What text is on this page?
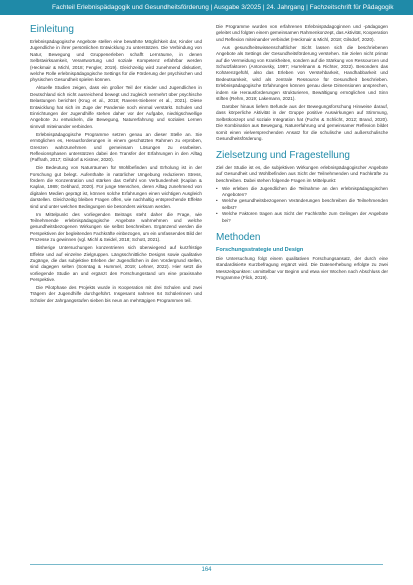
Fachteil Erlebnispädagogik und Gesundheitsförderung | Ausgabe 3/2025 | 24. Jahrgang | Fachzeitschrift für Pädagogik
Einleitung

Erlebnispädagogische Angebote stellen eine bewährte Möglichkeit dar, Kinder und Jugendliche in ihrer persönlichen Entwicklung zu unterstützen. Die Verbindung von Natur, Bewegung und Gruppenerleben schafft Lernräume, in denen Selbstwirksamkeit, Verantwortung und soziale Kompetenz erfahrbar werden (Heckmair & Michl, 2018; Fengler, 2019). Gleichzeitig wird zunehmend diskutiert, welche Rolle erlebnispädagogische Settings für die Förderung der psychischen und physischen Gesundheit spielen können.

Aktuelle Studien zeigen, dass ein großer Teil der Kinder und Jugendlichen in Deutschland sich nicht ausreichend bewegt und zugleich vermehrt über psychische Belastungen berichtet (Krug et al., 2018; Ravens-Sieberer et al., 2021). Diese Entwicklung hat sich im Zuge der Pandemie noch einmal verstärkt. Schulen und Einrichtungen der Jugendhilfe stehen daher vor der Aufgabe, niedrigschwellige Angebote zu entwickeln, die Bewegung, Naturerfahrung und soziales Lernen sinnvoll miteinander verbinden.

Erlebnispädagogische Programme setzen genau an dieser Stelle an. Sie ermöglichen es, Herausforderungen in einem geschützten Rahmen zu erproben, Grenzen wahrzunehmen und gemeinsam Lösungen zu erarbeiten. Reflexionsphasen unterstützen dabei den Transfer der Erfahrungen in den Alltag (Paffrath, 2017; Gilsdorf & Kistner, 2020).

Die Bedeutung von Naturräumen für Wohlbefinden und Erholung ist in der Forschung gut belegt. Aufenthalte in natürlicher Umgebung reduzieren Stress, fördern die Konzentration und stärken das Gefühl von Verbundenheit (Kaplan & Kaplan, 1989; Gebhard, 2020). Für junge Menschen, deren Alltag zunehmend von digitalen Medien geprägt ist, können solche Erfahrungen einen wichtigen Ausgleich darstellen. Gleichzeitig bleiben Fragen offen, wie nachhaltig entsprechende Effekte sind und unter welchen Bedingungen sie besonders wirksam werden.

Im Mittelpunkt des vorliegenden Beitrags steht daher die Frage, wie Teilnehmende erlebnispädagogische Angebote wahrnehmen und welche gesundheitsbezogenen Wirkungen sie selbst beschreiben. Ergänzend werden die Perspektiven der begleitenden Fachkräfte einbezogen, um ein umfassendes Bild der Prozesse zu gewinnen (vgl. Michl & Seidel, 2018; Schott, 2021).

Bisherige Untersuchungen konzentrieren sich überwiegend auf kurzfristige Effekte und auf einzelne Zielgruppen. Längsschnittliche Designs sowie qualitative Zugänge, die das subjektive Erleben der Jugendlichen in den Vordergrund stellen, sind dagegen selten (Sonntag & Hummel, 2019; Lehner, 2022). Hier setzt die vorliegende Studie an und ergänzt den Forschungsstand um eine praxisnahe Perspektive.

Die Pilotphase des Projekts wurde in Kooperation mit drei Schulen und zwei Trägern der Jugendhilfe durchgeführt. Insgesamt nahmen 64 Schülerinnen und Schüler der Jahrgangsstufen sieben bis neun an mehrtägigen Programmen teil.

Die Programme wurden von erfahrenen Erlebnispädagoginnen und -pädagogen geleitet und folgten einem gemeinsamen Rahmenkonzept, das Aktivität, Kooperation und Reflexion miteinander verbindet (Heckmair & Michl, 2018; Gilsdorf, 2020).

Aus gesundheitswissenschaftlicher Sicht lassen sich die beschriebenen Angebote als Settings der Gesundheitsförderung verstehen. Sie zielen nicht primär auf die Vermeidung von Krankheiten, sondern auf die Stärkung von Ressourcen und Schutzfaktoren (Antonovsky, 1997; Hurrelmann & Richter, 2022). Besonders das Kohärenzgefühl, also das Erleben von Verstehbarkeit, Handhabbarkeit und Bedeutsamkeit, wird als zentrale Ressource für Gesundheit beschrieben. Erlebnispädagogische Erfahrungen können genau diese Dimensionen ansprechen, indem sie Herausforderungen strukturieren, Bewältigung ermöglichen und Sinn stiften (Rehm, 2019; Lakemann, 2021).

Darüber hinaus liefern Befunde aus der Bewegungsforschung Hinweise darauf, dass körperliche Aktivität in der Gruppe positive Auswirkungen auf Stimmung, Selbstkonzept und soziale Integration hat (Fuchs & Schlicht, 2012; Brand, 2020). Die Kombination aus Bewegung, Naturerfahrung und gemeinsamer Reflexion bildet somit einen vielversprechenden Ansatz für die schulische und außerschulische Gesundheitsförderung.

Zielsetzung und Fragestellung

Ziel der Studie ist es, die subjektiven Wirkungen erlebnispädagogischer Angebote auf Gesundheit und Wohlbefinden aus Sicht der Teilnehmenden und Fachkräfte zu beschreiben. Dabei stehen folgende Fragen im Mittelpunkt:

• Wie erleben die Jugendlichen die Teilnahme an den erlebnispädagogischen Angeboten?
• Welche gesundheitsbezogenen Veränderungen beschreiben die Teilnehmenden selbst?
• Welche Faktoren tragen aus Sicht der Fachkräfte zum Gelingen der Angebote bei?
Methoden
Forschungsstrategie und Design

Die Untersuchung folgt einem qualitativen Forschungsansatz, der durch eine standardisierte Kurzbefragung ergänzt wird. Die Datenerhebung erfolgte zu zwei Messzeitpunkten: unmittelbar vor Beginn und etwa vier Wochen nach Abschluss der Programme (Flick, 2019).

164
